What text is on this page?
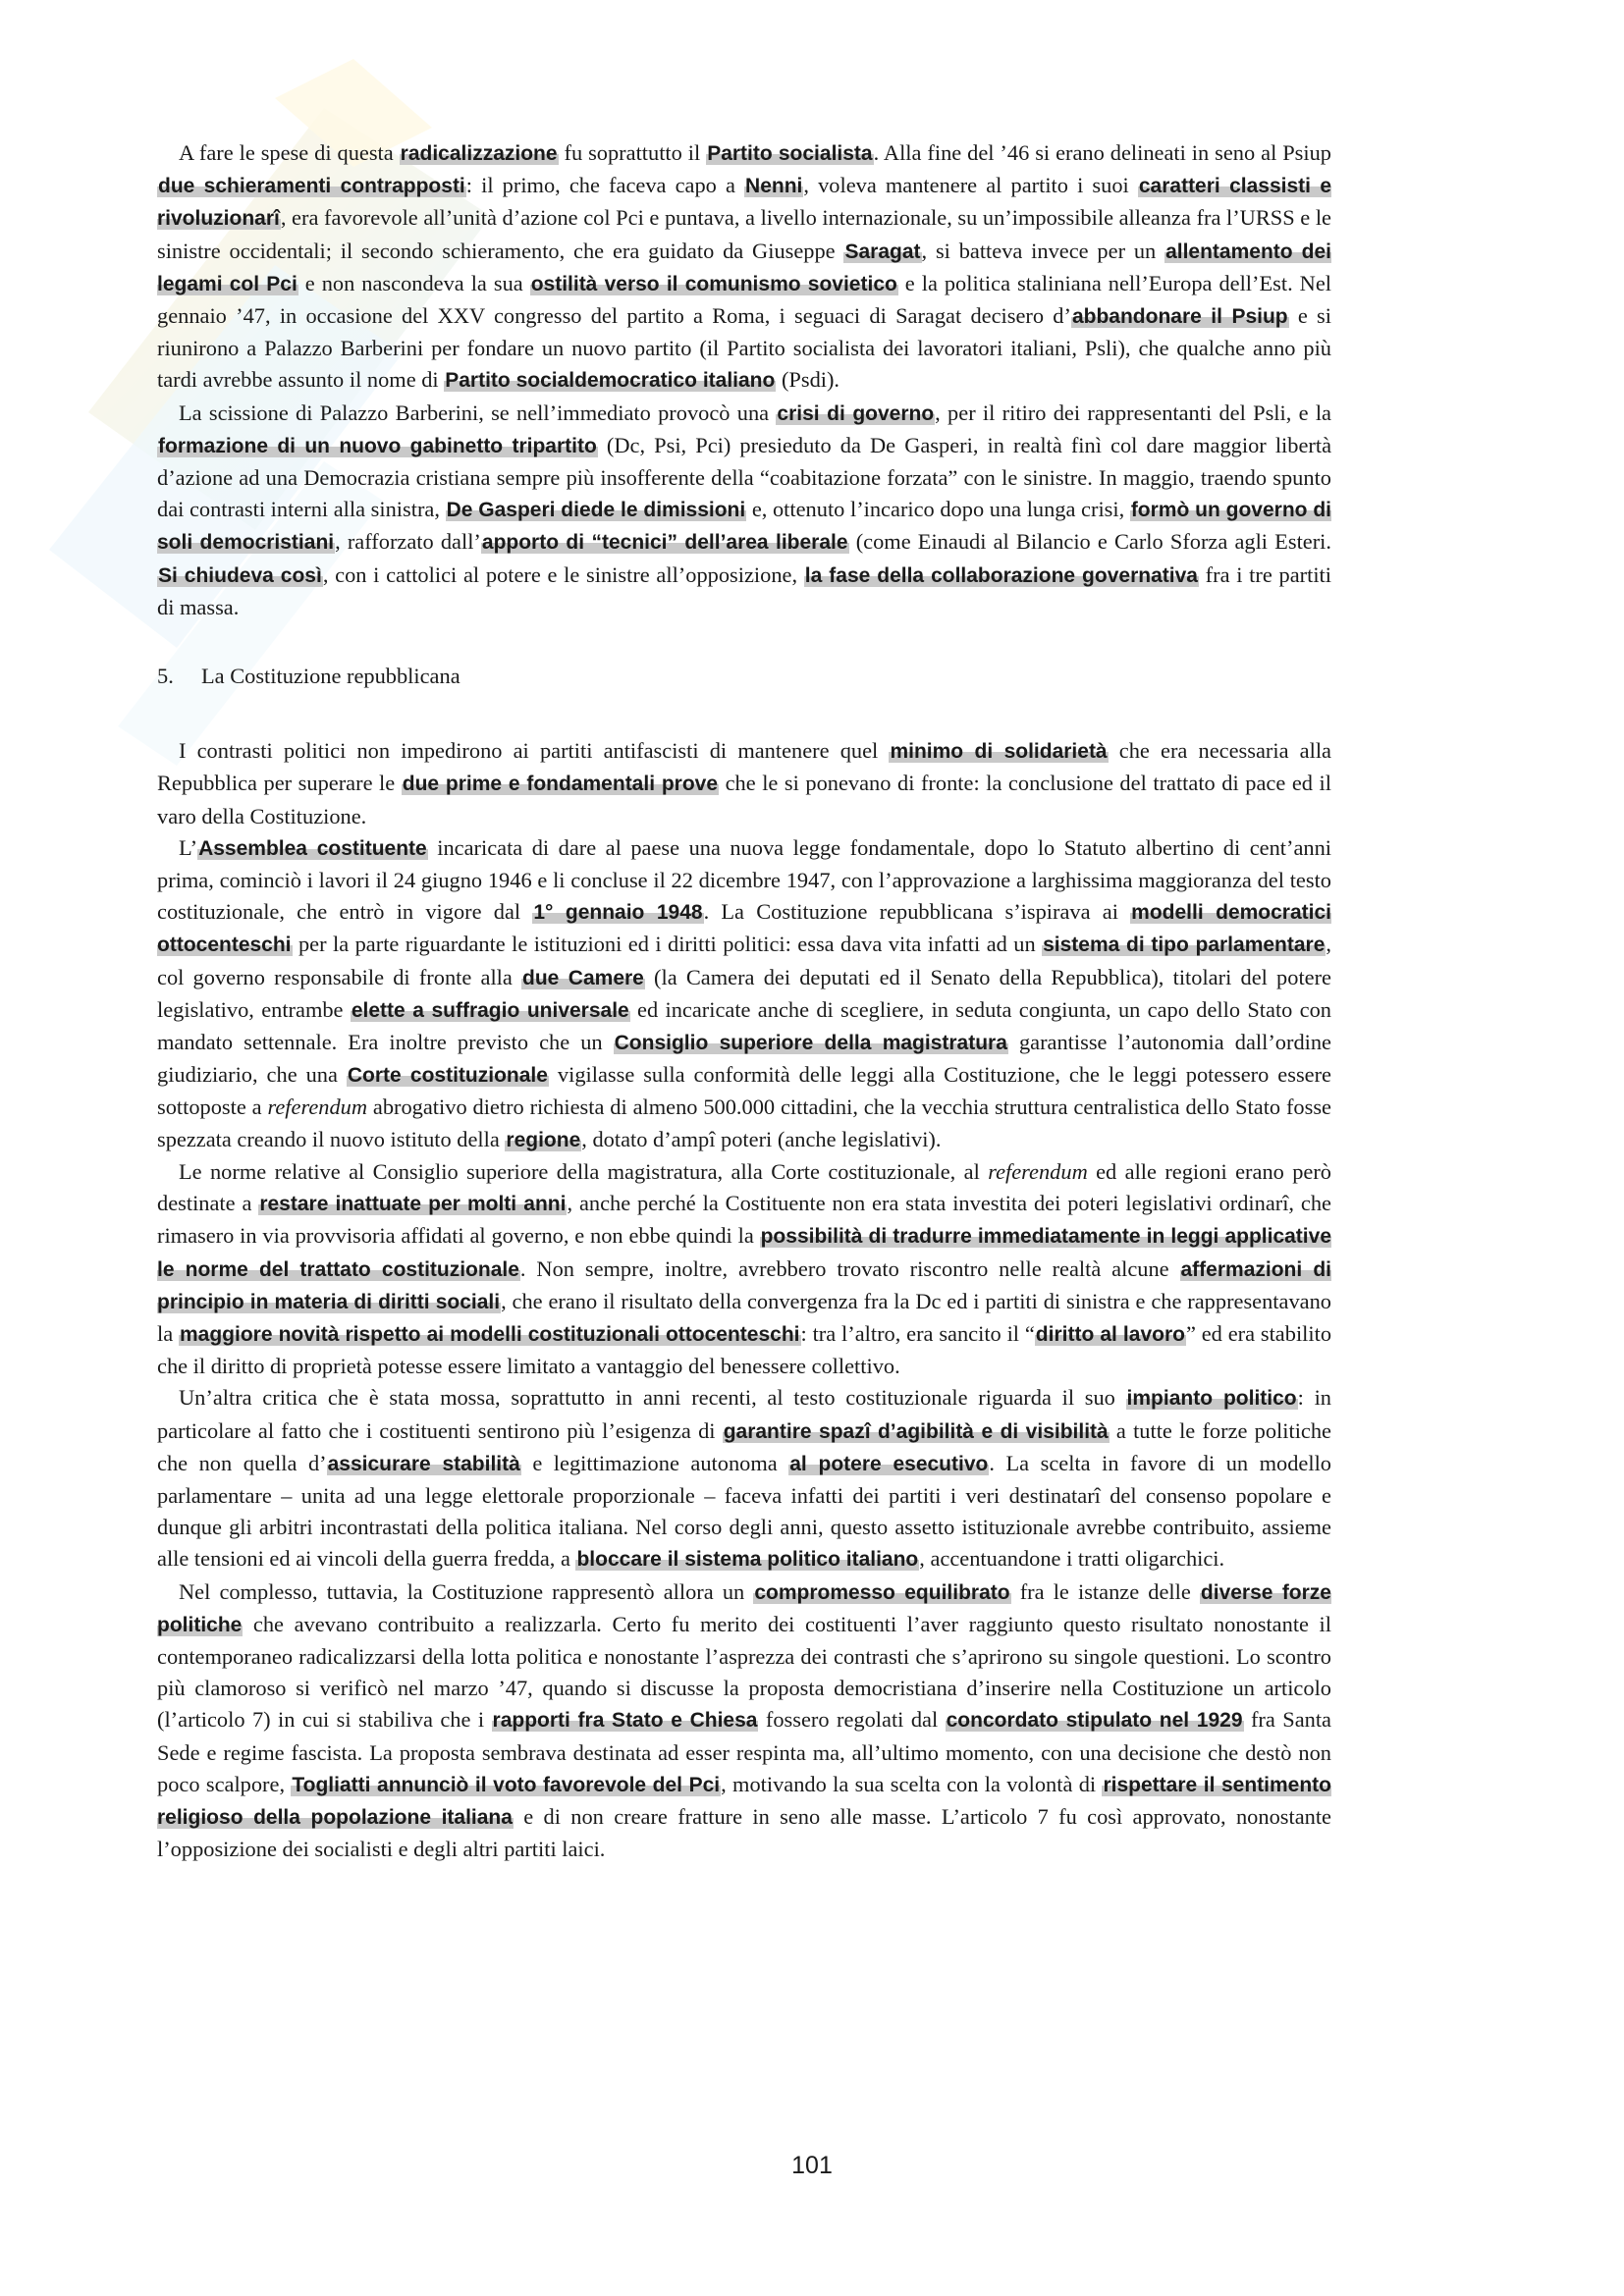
A fare le spese di questa radicalizzazione fu soprattutto il Partito socialista. Alla fine del ’46 si erano delineati in seno al Psiup due schieramenti contrapposti: il primo, che faceva capo a Nenni, voleva mantenere al partito i suoi caratteri classisti e rivoluzionarî, era favorevole all’unità d’azione col Pci e puntava, a livello internazionale, su un’impossibile alleanza fra l’URSS e le sinistre occidentali; il secondo schieramento, che era guidato da Giuseppe Saragat, si batteva invece per un allentamento dei legami col Pci e non nascondeva la sua ostilità verso il comunismo sovietico e la politica staliniana nell’Europa dell’Est. Nel gennaio ’47, in occasione del XXV congresso del partito a Roma, i seguaci di Saragat decisero d’abbandonare il Psiup e si riunirono a Palazzo Barberini per fondare un nuovo partito (il Partito socialista dei lavoratori italiani, Psli), che qualche anno più tardi avrebbe assunto il nome di Partito socialdemocratico italiano (Psdi).

La scissione di Palazzo Barberini, se nell’immediato provocò una crisi di governo, per il ritiro dei rappresentanti del Psli, e la formazione di un nuovo gabinetto tripartito (Dc, Psi, Pci) presieduto da De Gasperi, in realtà finì col dare maggior libertà d’azione ad una Democrazia cristiana sempre più insofferente della “coabitazione forzata” con le sinistre. In maggio, traendo spunto dai contrasti interni alla sinistra, De Gasperi diede le dimissioni e, ottenuto l’incarico dopo una lunga crisi, formò un governo di soli democristiani, rafforzato dall’apporto di “tecnici” dell’area liberale (come Einaudi al Bilancio e Carlo Sforza agli Esteri. Si chiudeva così, con i cattolici al potere e le sinistre all’opposizione, la fase della collaborazione governativa fra i tre partiti di massa.

5. La Costituzione repubblicana

I contrasti politici non impedirono ai partiti antifascisti di mantenere quel minimo di solidarietà che era necessaria alla Repubblica per superare le due prime e fondamentali prove che le si ponevano di fronte: la conclusione del trattato di pace ed il varo della Costituzione.

L’Assemblea costituente incaricata di dare al paese una nuova legge fondamentale, dopo lo Statuto albertino di cent’anni prima, cominciò i lavori il 24 giugno 1946 e li concluse il 22 dicembre 1947, con l’approvazione a larghissima maggioranza del testo costituzionale, che entrò in vigore dal 1° gennaio 1948. La Costituzione repubblicana s’ispirava ai modelli democratici ottocenteschi per la parte riguardante le istituzioni ed i diritti politici: essa dava vita infatti ad un sistema di tipo parlamentare, col governo responsabile di fronte alla due Camere (la Camera dei deputati ed il Senato della Repubblica), titolari del potere legislativo, entrambe elette a suffragio universale ed incaricate anche di scegliere, in seduta congiunta, un capo dello Stato con mandato settennale. Era inoltre previsto che un Consiglio superiore della magistratura garantisse l’autonomia dall’ordine giudiziario, che una Corte costituzionale vigilasse sulla conformità delle leggi alla Costituzione, che le leggi potessero essere sottoposte a referendum abrogativo dietro richiesta di almeno 500.000 cittadini, che la vecchia struttura centralistica dello Stato fosse spezzata creando il nuovo istituto della regione, dotato d’ampî poteri (anche legislativi).

Le norme relative al Consiglio superiore della magistratura, alla Corte costituzionale, al referendum ed alle regioni erano però destinate a restare inattuate per molti anni, anche perché la Costituente non era stata investita dei poteri legislativi ordinarî, che rimasero in via provvisoria affidati al governo, e non ebbe quindi la possibilità di tradurre immediatamente in leggi applicative le norme del trattato costituzionale. Non sempre, inoltre, avrebbero trovato riscontro nelle realtà alcune affermazioni di principio in materia di diritti sociali, che erano il risultato della convergenza fra la Dc ed i partiti di sinistra e che rappresentavano la maggiore novità rispetto ai modelli costituzionali ottocenteschi: tra l’altro, era sancito il “diritto al lavoro” ed era stabilito che il diritto di proprietà potesse essere limitato a vantaggio del benessere collettivo.

Un’altra critica che è stata mossa, soprattutto in anni recenti, al testo costituzionale riguarda il suo impianto politico: in particolare al fatto che i costituenti sentirono più l’esigenza di garantire spazî d’agibilità e di visibilità a tutte le forze politiche che non quella d’assicurare stabilità e legittimazione autonoma al potere esecutivo. La scelta in favore di un modello parlamentare – unita ad una legge elettorale proporzionale – faceva infatti dei partiti i veri destinatarî del consenso popolare e dunque gli arbitri incontrastati della politica italiana. Nel corso degli anni, questo assetto istituzionale avrebbe contribuito, assieme alle tensioni ed ai vincoli della guerra fredda, a bloccare il sistema politico italiano, accentuandone i tratti oligarchici.

Nel complesso, tuttavia, la Costituzione rappresentò allora un compromesso equilibrato fra le istanze delle diverse forze politiche che avevano contribuito a realizzarla. Certo fu merito dei costituenti l’aver raggiunto questo risultato nonostante il contemporaneo radicalizzarsi della lotta politica e nonostante l’asprezza dei contrasti che s’aprirono su singole questioni. Lo scontro più clamoroso si verificò nel marzo ’47, quando si discusse la proposta democristiana d’inserire nella Costituzione un articolo (l’articolo 7) in cui si stabiliva che i rapporti fra Stato e Chiesa fossero regolati dal concordato stipulato nel 1929 fra Santa Sede e regime fascista. La proposta sembrava destinata ad esser respinta ma, all’ultimo momento, con una decisione che destò non poco scalpore, Togliatti annunciò il voto favorevole del Pci, motivando la sua scelta con la volontà di rispettare il sentimento religioso della popolazione italiana e di non creare fratture in seno alle masse. L’articolo 7 fu così approvato, nonostante l’opposizione dei socialisti e degli altri partiti laici.

101
